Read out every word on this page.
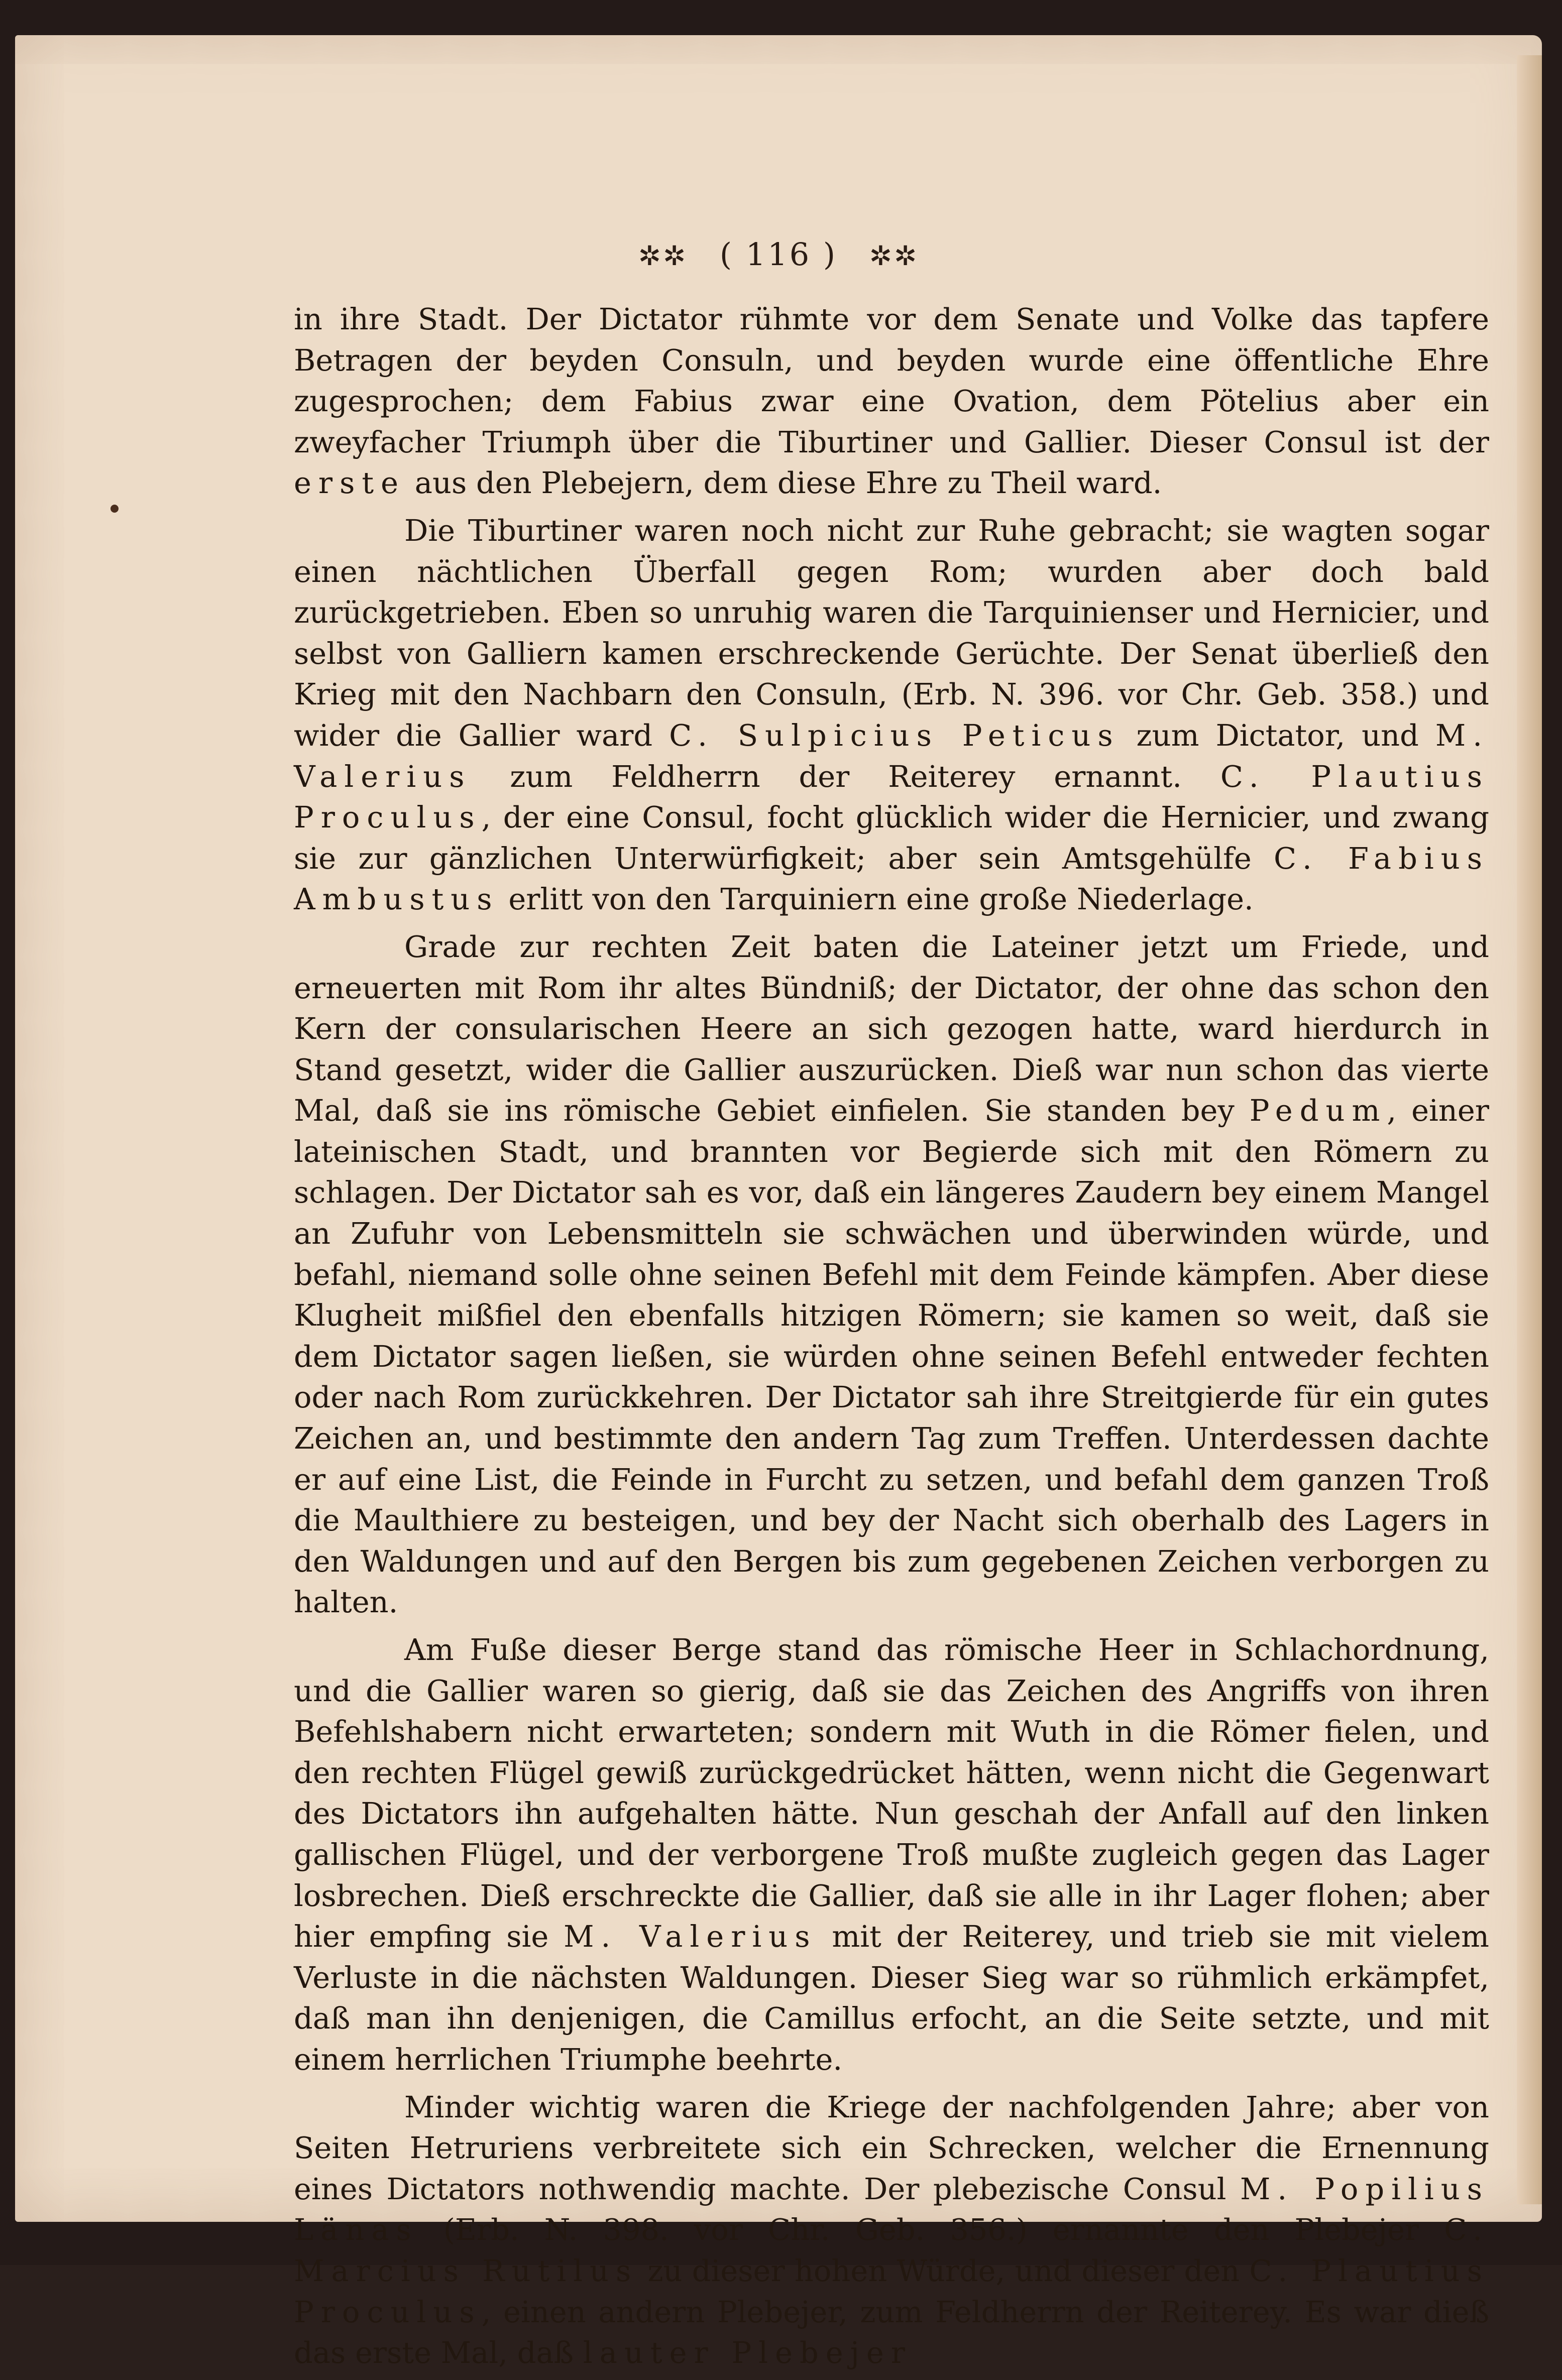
✲✲ ( 116 ) ✲✲

in ihre Stadt. Der Dictator rühmte vor dem Senate und Volke das tapfere Betragen der beyden Consuln, und beyden wurde eine öffentliche Ehre zugesprochen; dem Fabius zwar eine Ovation, dem Pötelius aber ein zweyfacher Triumph über die Tiburtiner und Gallier. Dieser Consul ist der erste aus den Plebejern, dem diese Ehre zu Theil ward.

Die Tiburtiner waren noch nicht zur Ruhe gebracht; sie wagten sogar einen nächtlichen Überfall gegen Rom; wurden aber doch bald zurückgetrieben. Eben so unruhig waren die Tarquinienser und Hernicier, und selbst von Galliern kamen erschreckende Gerüchte. Der Senat überließ den Krieg mit den Nachbarn den Consuln, (Erb. N. 396. vor Chr. Geb. 358.) und wider die Gallier ward C. Sulpicius Peticus zum Dictator, und M. Valerius zum Feldherrn der Reiterey ernannt. C. Plautius Proculus, der eine Consul, focht glücklich wider die Hernicier, und zwang sie zur gänzlichen Unterwürfigkeit; aber sein Amtsgehülfe C. Fabius Ambustus erlitt von den Tarquiniern eine große Niederlage.

Grade zur rechten Zeit baten die Lateiner jetzt um Friede, und erneuerten mit Rom ihr altes Bündniß; der Dictator, der ohne das schon den Kern der consularischen Heere an sich gezogen hatte, ward hierdurch in Stand gesetzt, wider die Gallier auszurücken. Dieß war nun schon das vierte Mal, daß sie ins römische Gebiet einfielen. Sie standen bey Pedum, einer lateinischen Stadt, und brannten vor Begierde sich mit den Römern zu schlagen. Der Dictator sah es vor, daß ein längeres Zaudern bey einem Mangel an Zufuhr von Lebensmitteln sie schwächen und überwinden würde, und befahl, niemand solle ohne seinen Befehl mit dem Feinde kämpfen. Aber diese Klugheit mißfiel den ebenfalls hitzigen Römern; sie kamen so weit, daß sie dem Dictator sagen ließen, sie würden ohne seinen Befehl entweder fechten oder nach Rom zurückkehren. Der Dictator sah ihre Streitgierde für ein gutes Zeichen an, und bestimmte den andern Tag zum Treffen. Unterdessen dachte er auf eine List, die Feinde in Furcht zu setzen, und befahl dem ganzen Troß die Maulthiere zu besteigen, und bey der Nacht sich oberhalb des Lagers in den Waldungen und auf den Bergen bis zum gegebenen Zeichen verborgen zu halten.

Am Fuße dieser Berge stand das römische Heer in Schlachordnung, und die Gallier waren so gierig, daß sie das Zeichen des Angriffs von ihren Befehlshabern nicht erwarteten; sondern mit Wuth in die Römer fielen, und den rechten Flügel gewiß zurückgedrücket hätten, wenn nicht die Gegenwart des Dictators ihn aufgehalten hätte. Nun geschah der Anfall auf den linken gallischen Flügel, und der verborgene Troß mußte zugleich gegen das Lager losbrechen. Dieß erschreckte die Gallier, daß sie alle in ihr Lager flohen; aber hier empfing sie M. Valerius mit der Reiterey, und trieb sie mit vielem Verluste in die nächsten Waldungen. Dieser Sieg war so rühmlich erkämpfet, daß man ihn denjenigen, die Camillus erfocht, an die Seite setzte, und mit einem herrlichen Triumphe beehrte.

Minder wichtig waren die Kriege der nachfolgenden Jahre; aber von Seiten Hetruriens verbreitete sich ein Schrecken, welcher die Ernennung eines Dictators nothwendig machte. Der plebezische Consul M. Popilius Länas (Erb. N. 398. vor Chr. Geb. 356.) ernannte den Plebejer C. Marcius Rutilus zu dieser hohen Würde, und dieser den C. Plautius Proculus, einen andern Plebejer, zum Feldherrn der Reiterey. Es war dieß das erste Mal, daß lauter Plebejer
